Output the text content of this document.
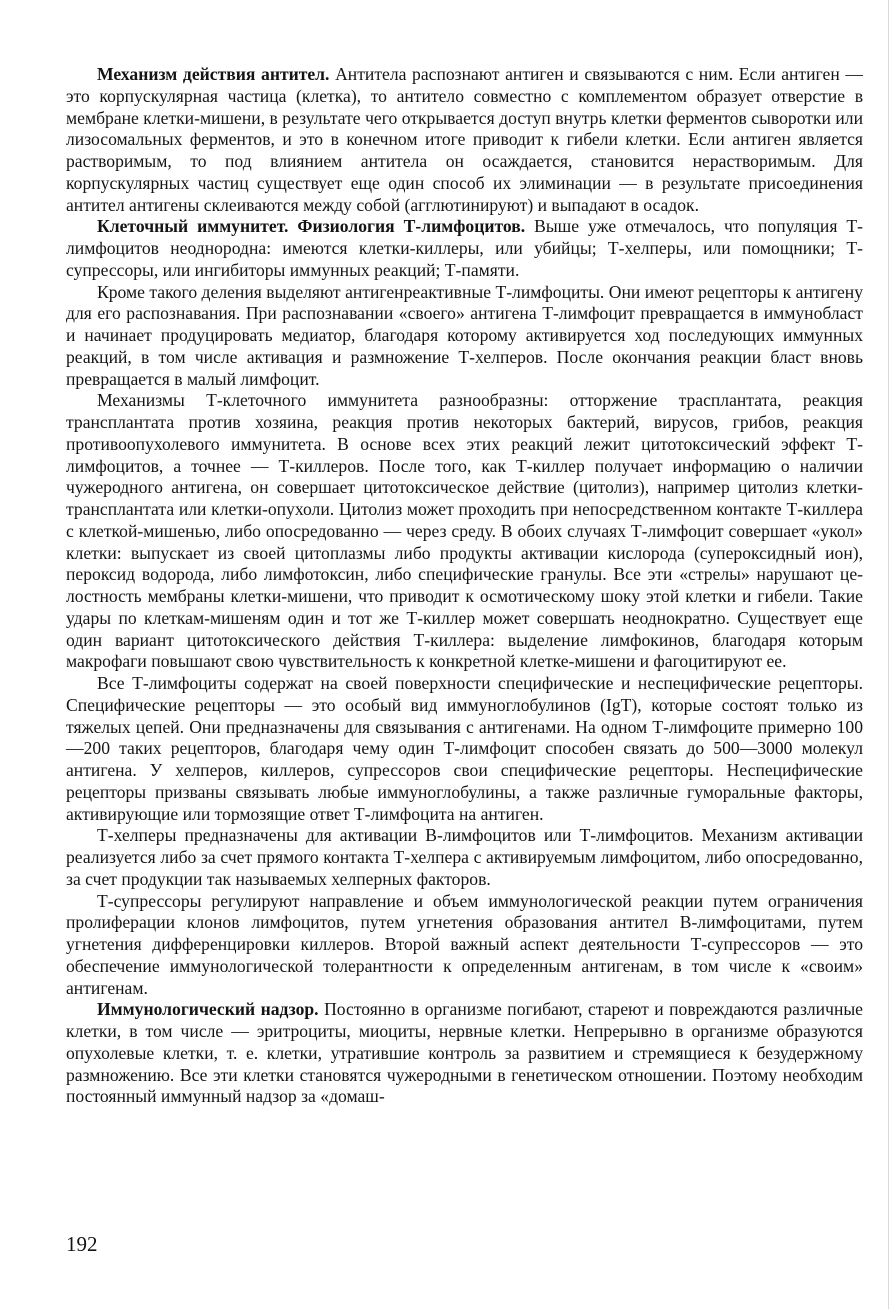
Механизм действия антител. Антитела распознают антиген и связываются с ним. Если антиген — это корпускулярная частица (клетка), то антитело совместно с комплементом образует отверстие в мембране клетки-мишени, в результате чего открывается доступ внутрь клетки ферментов сыворотки или лизосомальных ферментов, и это в конечном итоге приводит к гибели клетки. Если антиген является растворимым, то под влиянием антитела он осаждается, становится нерастворимым. Для корпускулярных частиц существует еще один способ их элиминации — в результате присоединения антител антигены склеиваются между собой (агглютинируют) и выпадают в осадок.

Клеточный иммунитет. Физиология Т-лимфоцитов. Выше уже отмечалось, что популяция Т-лимфоцитов неоднородна: имеются клетки-киллеры, или убийцы; Т-хелперы, или помощники; Т-супрессоры, или ингибиторы иммунных реакций; Т-памяти.

Кроме такого деления выделяют антигенреактивные Т-лимфоциты. Они имеют рецепторы к антигену для его распознавания. При распознавании «своего» антигена Т-лимфоцит превращается в иммунобласт и начинает продуцировать медиатор, благодаря которому активируется ход последующих иммунных реакций, в том числе активация и размножение Т-хелперов. После окончания реакции бласт вновь превращается в малый лимфоцит.

Механизмы Т-клеточного иммунитета разнообразны: отторжение трасплантата, реакция трансплантата против хозяина, реакция против некоторых бактерий, вирусов, грибов, реакция противоопухолевого иммунитета. В основе всех этих реакций лежит цитотоксический эффект Т-лимфоцитов, а точнее — Т-киллеров. После того, как Т-киллер получает информацию о наличии чужеродного антигена, он совершает цитотоксическое действие (цитолиз), например цитолиз клетки-трансплантата или клетки-опухоли. Цитолиз может проходить при непосредственном контакте Т-киллера с клеткой-мишенью, либо опосредованно — через среду. В обоих случаях Т-лимфоцит совершает «укол» клетки: выпускает из своей цитоплазмы либо продукты активации кислорода (супероксидный ион), пероксид водорода, либо лимфотоксин, либо специфические гранулы. Все эти «стрелы» нарушают целостность мембраны клетки-мишени, что приводит к осмотическому шоку этой клетки и гибели. Такие удары по клеткам-мишеням один и тот же Т-киллер может совершать неоднократно. Существует еще один вариант цитотоксического действия Т-киллера: выделение лимфокинов, благодаря которым макрофаги повышают свою чувствительность к конкретной клетке-мишени и фагоцитируют ее.

Все Т-лимфоциты содержат на своей поверхности специфические и неспецифические рецепторы. Специфические рецепторы — это особый вид иммуноглобулинов (IgT), которые состоят только из тяжелых цепей. Они предназначены для связывания с антигенами. На одном Т-лимфоците примерно 100—200 таких рецепторов, благодаря чему один Т-лимфоцит способен связать до 500—3000 молекул антигена. У хелперов, киллеров, супрессоров свои специфические рецепторы. Неспецифические рецепторы призваны связывать любые иммуноглобулины, а также различные гуморальные факторы, активирующие или тормозящие ответ Т-лимфоцита на антиген.

Т-хелперы предназначены для активации В-лимфоцитов или Т-лимфоцитов. Механизм активации реализуется либо за счет прямого контакта Т-хелпера с активируемым лимфоцитом, либо опосредованно, за счет продукции так называемых хелперных факторов.

Т-супрессоры регулируют направление и объем иммунологической реакции путем ограничения пролиферации клонов лимфоцитов, путем угнетения образования антител В-лимфоцитами, путем угнетения дифференцировки киллеров. Второй важный аспект деятельности Т-супрессоров — это обеспечение иммунологической толерантности к определенным антигенам, в том числе к «своим» антигенам.

Иммунологический надзор. Постоянно в организме погибают, стареют и повреждаются различные клетки, в том числе — эритроциты, миоциты, нервные клетки. Непрерывно в организме образуются опухолевые клетки, т. е. клетки, утратившие контроль за развитием и стремящиеся к безудержному размножению. Все эти клетки становятся чужеродными в генетическом отношении. Поэтому необходим постоянный иммунный надзор за «домаш-

192
